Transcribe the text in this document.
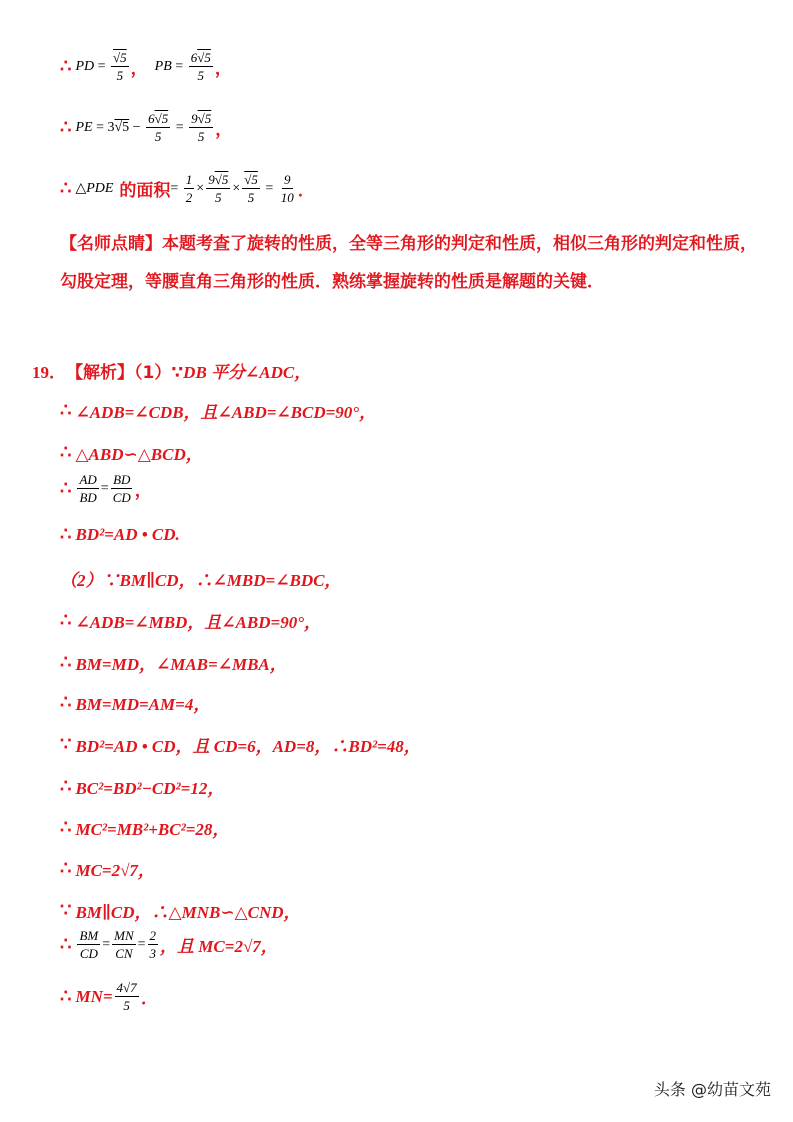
∴ PD = $\frac{√5}{5}$ ， PB = $\frac{6√5}{5}$ ，
∴ PE = $3√5 - \frac{6√5}{5} = \frac{9√5}{5}$ ，
∴ △ PDE 的面积 = $\frac{1}{2} \times \frac{9√5}{5} \times \frac{√5}{5} = \frac{9}{10}$ ．
【名师点睛】本题考查了旋转的性质，全等三角形的判定和性质，相似三角形的判定和性质，勾股定理，等腰直角三角形的性质．熟练掌握旋转的性质是解题的关键．
19． 【解析】（1）∵ DB 平分∠ADC，
∴ ∠ADB=∠CDB，且∠ABD=∠BCD=90°，
∴ △ABD∽△BCD，
∴ $\frac{AD}{BD} = \frac{BD}{CD}$ ，
∴ BD²=AD • CD.
（2）∵BM∥CD，∴∠MBD=∠BDC，
∴ ∠ADB=∠MBD，且∠ABD=90°，
∴ BM=MD，∠MAB=∠MBA，
∴ BM=MD=AM=4，
∵ BD²=AD • CD，且 CD=6，AD=8，∴BD²=48，
∴ BC²=BD²−CD²=12，
∴ MC²=MB²+BC²=28，
∴ MC=2√7，
∵ BM∥CD，∴△MNB∽△CND，
∴ $\frac{BM}{CD} = \frac{MN}{CN} = \frac{2}{3}$ ，且 MC=2√7，
∴ $MN= \frac{4√7}{5}$ ．
头条 @幼苗文苑
